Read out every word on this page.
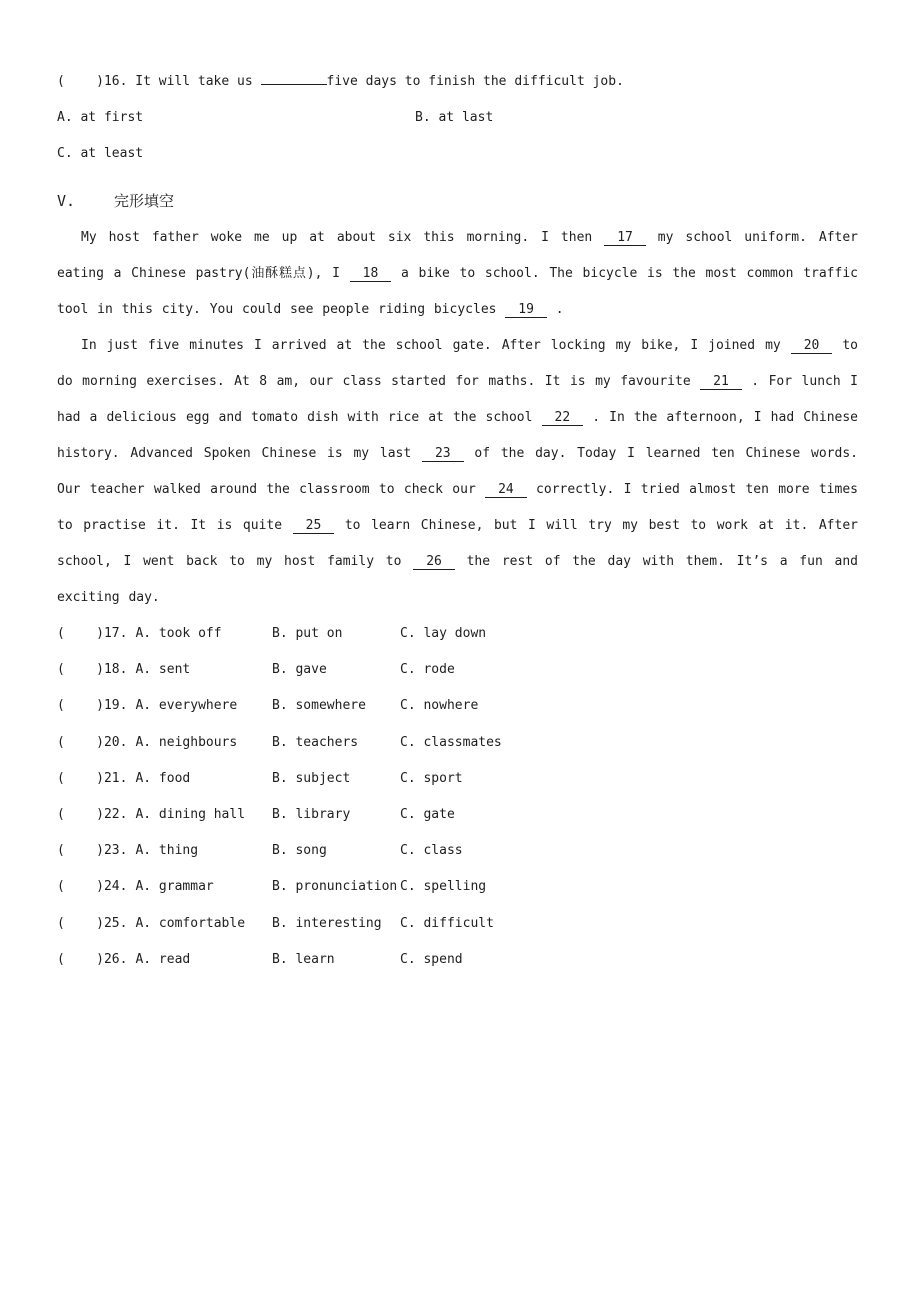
(    )16. It will take us	five days to finish the difficult job.

A. at first	B. at last

C. at least

V.	完形填空

My host father woke me up at about six this morning. I then 17 my school uniform. After eating a Chinese pastry(油酥糕点), I 18 a bike to school. The bicycle is the most common traffic tool in this city. You could see people riding bicycles 19 .

In just five minutes I arrived at the school gate. After locking my bike, I joined my 20 to do morning exercises. At 8 am, our class started for maths. It is my favourite 21 . For lunch I had a delicious egg and tomato dish with rice at the school 22 . In the afternoon, I had Chinese history. Advanced Spoken Chinese is my last 23 of the day. Today I learned ten Chinese words. Our teacher walked around the classroom to check our 24 correctly. I tried almost ten more times to practise it. It is quite 25 to learn Chinese, but I will try my best to work at it. After school, I went back to my host family to 26 the rest of the day with them. It’s a fun and exciting day.

(    )17. A. took off	B. put on	C. lay down
(    )18. A. sent	B. gave	C. rode
(    )19. A. everywhere	B. somewhere	C. nowhere
(    )20. A. neighbours	B. teachers	C. classmates
(    )21. A. food	B. subject	C. sport
(    )22. A. dining hall	B. library	C. gate
(    )23. A. thing	B. song	C. class
(    )24. A. grammar	B. pronunciation C. spelling
(    )25. A. comfortable	B. interesting	C. difficult
(    )26. A. read	B. learn	C. spend
